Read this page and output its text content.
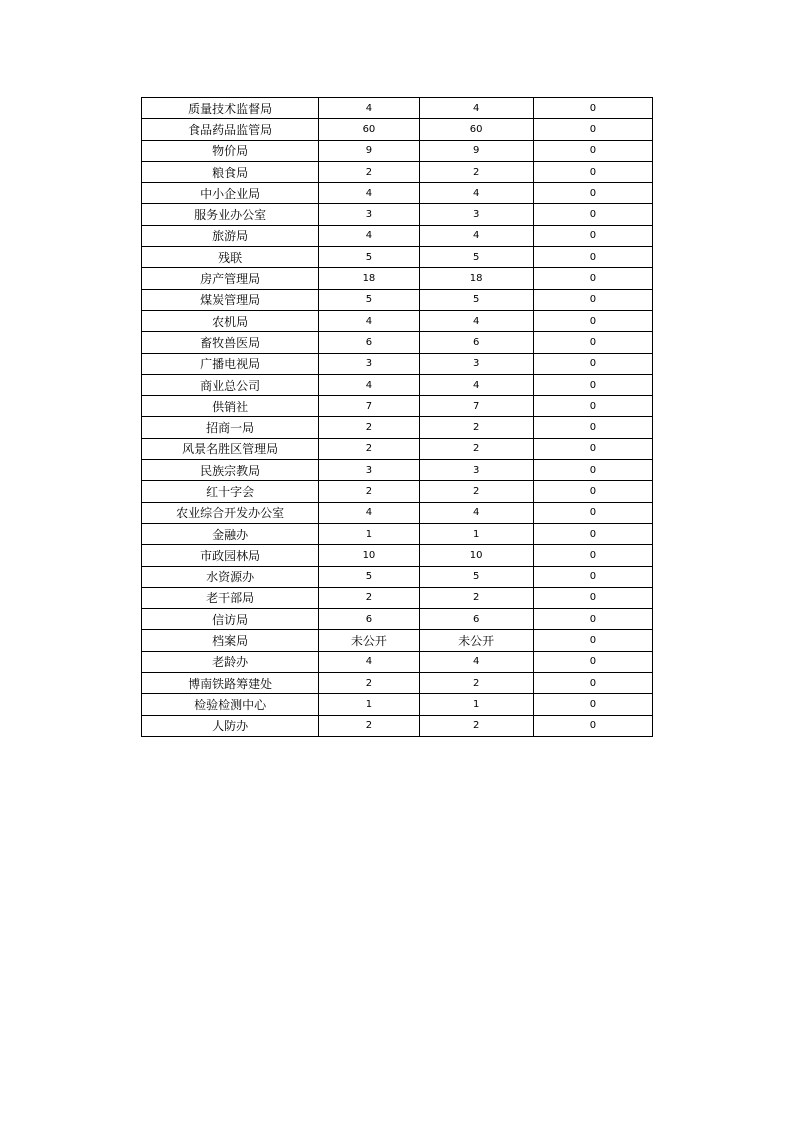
质量技术监督局	4	4	0
食品药品监管局	60	60	0
物价局	9	9	0
粮食局	2	2	0
中小企业局	4	4	0
服务业办公室	3	3	0
旅游局	4	4	0
残联	5	5	0
房产管理局	18	18	0
煤炭管理局	5	5	0
农机局	4	4	0
畜牧兽医局	6	6	0
广播电视局	3	3	0
商业总公司	4	4	0
供销社	7	7	0
招商一局	2	2	0
风景名胜区管理局	2	2	0
民族宗教局	3	3	0
红十字会	2	2	0
农业综合开发办公室	4	4	0
金融办	1	1	0
市政园林局	10	10	0
水资源办	5	5	0
老干部局	2	2	0
信访局	6	6	0
档案局	未公开	未公开	0
老龄办	4	4	0
博南铁路筹建处	2	2	0
检验检测中心	1	1	0
人防办	2	2	0
